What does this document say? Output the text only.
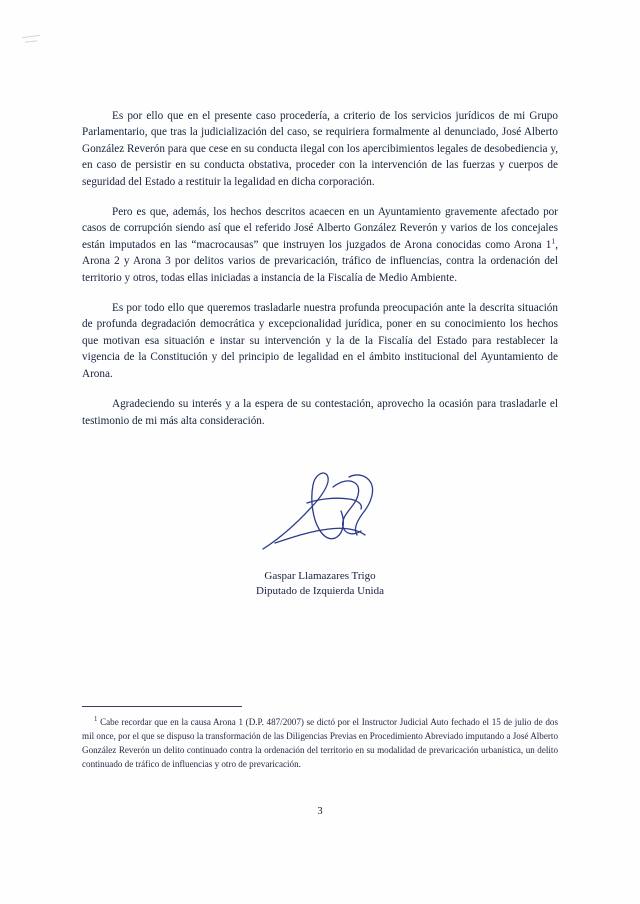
Es por ello que en el presente caso procedería, a criterio de los servicios jurídicos de mi Grupo Parlamentario, que tras la judicialización del caso, se requiriera formalmente al denunciado, José Alberto González Reverón para que cese en su conducta ilegal con los apercibimientos legales de desobediencia y, en caso de persistir en su conducta obstativa, proceder con la intervención de las fuerzas y cuerpos de seguridad del Estado a restituir la legalidad en dicha corporación.

Pero es que, además, los hechos descritos acaecen en un Ayuntamiento gravemente afectado por casos de corrupción siendo así que el referido José Alberto González Reverón y varios de los concejales están imputados en las “macrocausas” que instruyen los juzgados de Arona conocidas como Arona 1$^1$, Arona 2 y Arona 3 por delitos varios de prevaricación, tráfico de influencias, contra la ordenación del territorio y otros, todas ellas iniciadas a instancia de la Fiscalía de Medio Ambiente.

Es por todo ello que queremos trasladarle nuestra profunda preocupación ante la descrita situación de profunda degradación democrática y excepcionalidad jurídica, poner en su conocimiento los hechos que motivan esa situación e instar su intervención y la de la Fiscalía del Estado para restablecer la vigencia de la Constitución y del principio de legalidad en el ámbito institucional del Ayuntamiento de Arona.

Agradeciendo su interés y a la espera de su contestación, aprovecho la ocasión para trasladarle el testimonio de mi más alta consideración.

Gaspar Llamazares Trigo
Diputado de Izquierda Unida
$^1$ Cabe recordar que en la causa Arona 1 (D.P. 487/2007) se dictó por el Instructor Judicial Auto fechado el 15 de julio de dos mil once, por el que se dispuso la transformación de las Diligencias Previas en Procedimiento Abreviado imputando a José Alberto González Reverón un delito continuado contra la ordenación del territorio en su modalidad de prevaricación urbanística, un delito continuado de tráfico de influencias y otro de prevaricación.
3
